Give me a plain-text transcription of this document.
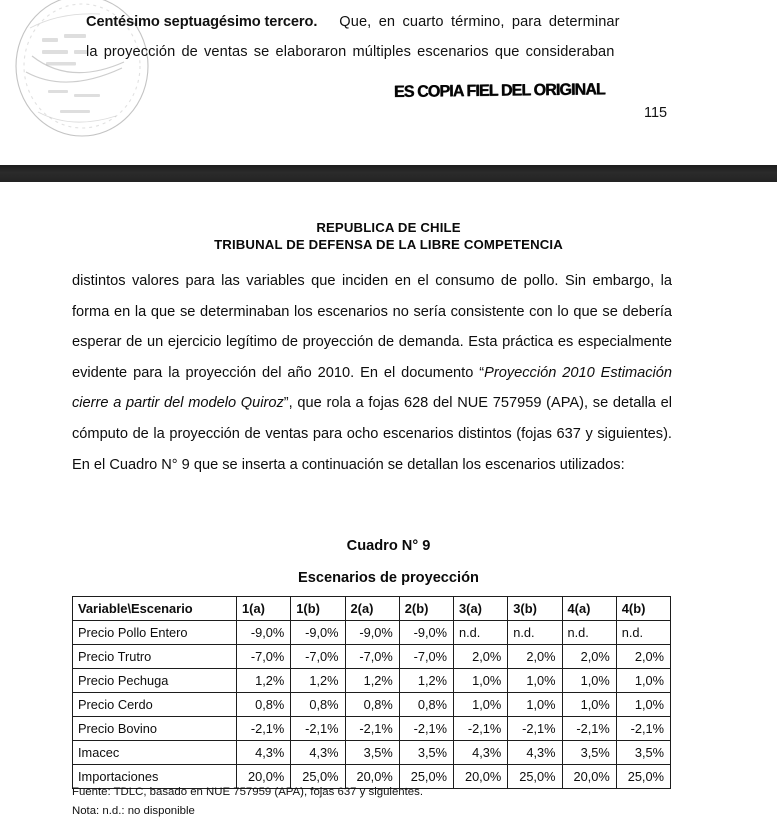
Centésimo septuagésimo tercero. Que, en cuarto término, para determinar
la proyección de ventas se elaboraron múltiples escenarios que consideraban
ES COPIA FIEL DEL ORIGINAL
115
REPUBLICA DE CHILE
TRIBUNAL DE DEFENSA DE LA LIBRE COMPETENCIA
distintos valores para las variables que inciden en el consumo de pollo. Sin embargo, la forma en la que se determinaban los escenarios no sería consistente con lo que se debería esperar de un ejercicio legítimo de proyección de demanda. Esta práctica es especialmente evidente para la proyección del año 2010. En el documento “Proyección 2010 Estimación cierre a partir del modelo Quiroz”, que rola a fojas 628 del NUE 757959 (APA), se detalla el cómputo de la proyección de ventas para ocho escenarios distintos (fojas 637 y siguientes). En el Cuadro N° 9 que se inserta a continuación se detallan los escenarios utilizados:
Cuadro N° 9
Escenarios de proyección
Variable\Escenario	1(a)	1(b)	2(a)	2(b)	3(a)	3(b)	4(a)	4(b)
Precio Pollo Entero	-9,0%	-9,0%	-9,0%	-9,0%	n.d.	n.d.	n.d.	n.d.
Precio Trutro	-7,0%	-7,0%	-7,0%	-7,0%	2,0%	2,0%	2,0%	2,0%
Precio Pechuga	1,2%	1,2%	1,2%	1,2%	1,0%	1,0%	1,0%	1,0%
Precio Cerdo	0,8%	0,8%	0,8%	0,8%	1,0%	1,0%	1,0%	1,0%
Precio Bovino	-2,1%	-2,1%	-2,1%	-2,1%	-2,1%	-2,1%	-2,1%	-2,1%
Imacec	4,3%	4,3%	3,5%	3,5%	4,3%	4,3%	3,5%	3,5%
Importaciones	20,0%	25,0%	20,0%	25,0%	20,0%	25,0%	20,0%	25,0%
Fuente: TDLC, basado en NUE 757959 (APA), fojas 637 y siguientes.
Nota: n.d.: no disponible
